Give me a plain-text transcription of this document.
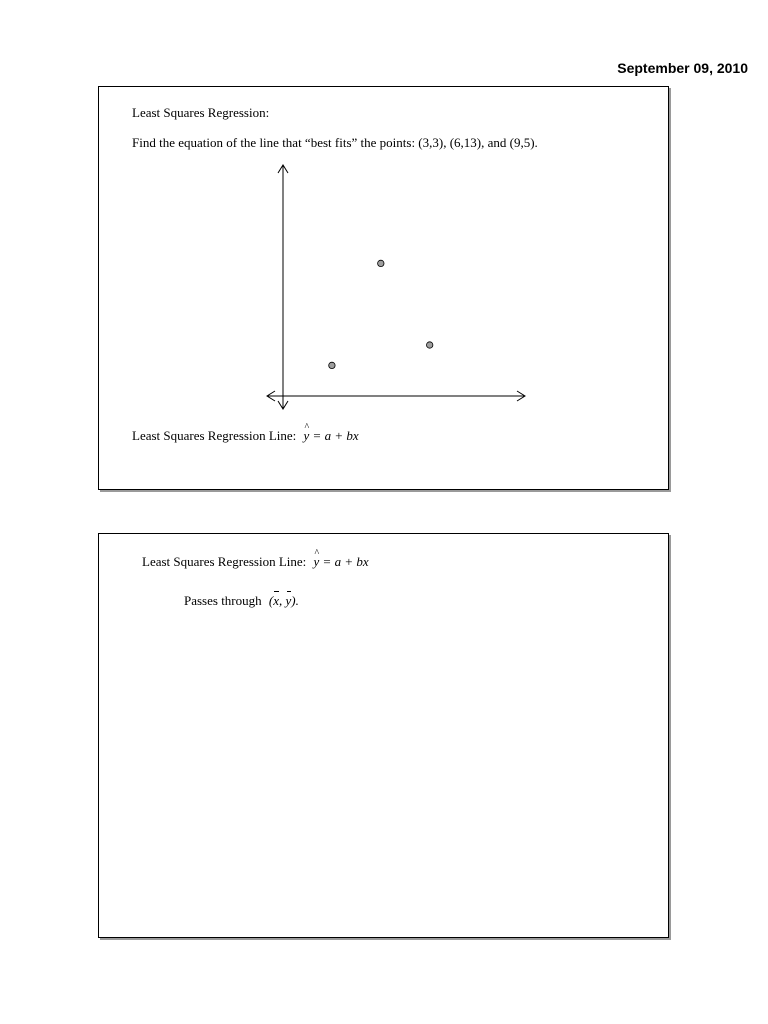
September 09, 2010
Least Squares Regression:
Find the equation of the line that “best fits” the points: (3,3), (6,13), and (9,5).
Least Squares Regression Line: ^ y = a + bx
Least Squares Regression Line: ^ y = a + bx
Passes through (x, y).
